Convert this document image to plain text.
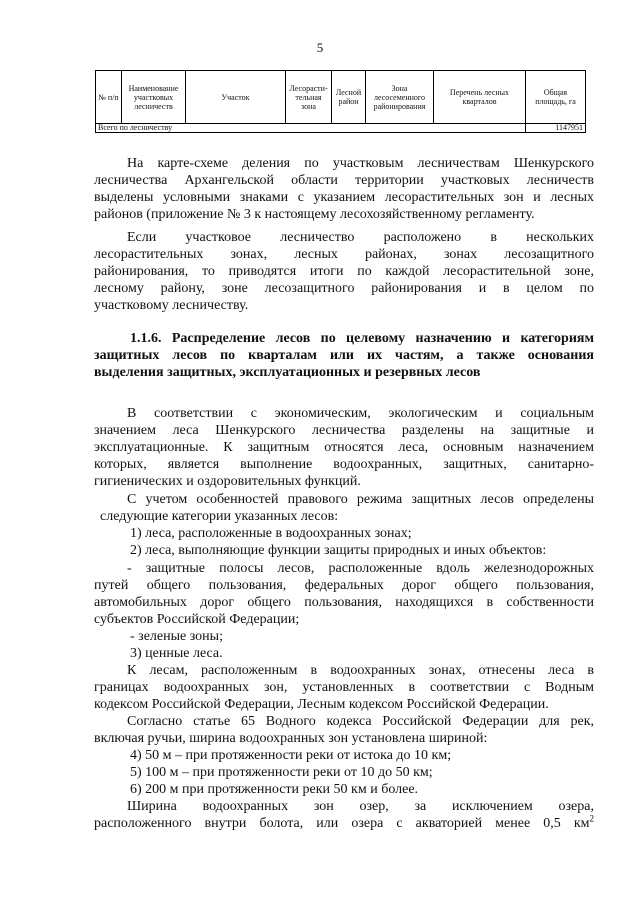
5
№ п/п	Наименование участковых лесничеств	Участок	Лесорасти-тельная зона	Лесной район	Зона лесосеменного районирования	Перечень лесных кварталов	Общая площадь, га
Всего по лесничеству							1147951

На карте-схеме деления по участковым лесничествам Шенкурского

лесничества Архангельской области территории участковых лесничеств

выделены условными знаками с указанием лесорастительных зон и лесных

районов (приложение № 3 к настоящему лесохозяйственному регламенту.

Если участковое лесничество расположено в нескольких

лесорастительных зонах, лесных районах, зонах лесозащитного

районирования, то приводятся итоги по каждой лесорастительной зоне,

лесному району, зоне лесозащитного районирования и в целом по

участковому лесничеству.

1.1.6. Распределение лесов по целевому назначению и категориям

защитных лесов по кварталам или их частям, а также основания

выделения защитных, эксплуатационных и резервных лесов

В соответствии с экономическим, экологическим и социальным

значением леса Шенкурского лесничества разделены на защитные и

эксплуатационные. К защитным относятся леса, основным назначением

которых, является выполнение водоохранных, защитных, санитарно-

гигиенических и оздоровительных функций.

С учетом особенностей правового режима защитных лесов определены

следующие категории указанных лесов:

1) леса, расположенные в водоохранных зонах;

2) леса, выполняющие функции защиты природных и иных объектов:

- защитные полосы лесов, расположенные вдоль железнодорожных

путей общего пользования, федеральных дорог общего пользования,

автомобильных дорог общего пользования, находящихся в собственности

субъектов Российской Федерации;

- зеленые зоны;

3) ценные леса.

К лесам, расположенным в водоохранных зонах, отнесены леса в

границах водоохранных зон, установленных в соответствии с Водным

кодексом Российской Федерации, Лесным кодексом Российской Федерации.

Согласно статье 65 Водного кодекса Российской Федерации для рек,

включая ручьи, ширина водоохранных зон установлена шириной:

4) 50 м – при протяженности реки от истока до 10 км;

5) 100 м – при протяженности реки от 10 до 50 км;

6) 200 м при протяженности реки 50 км и более.

Ширина водоохранных зон озер, за исключением озера,

расположенного внутри болота, или озера с акваторией менее 0,5 $км^2$
